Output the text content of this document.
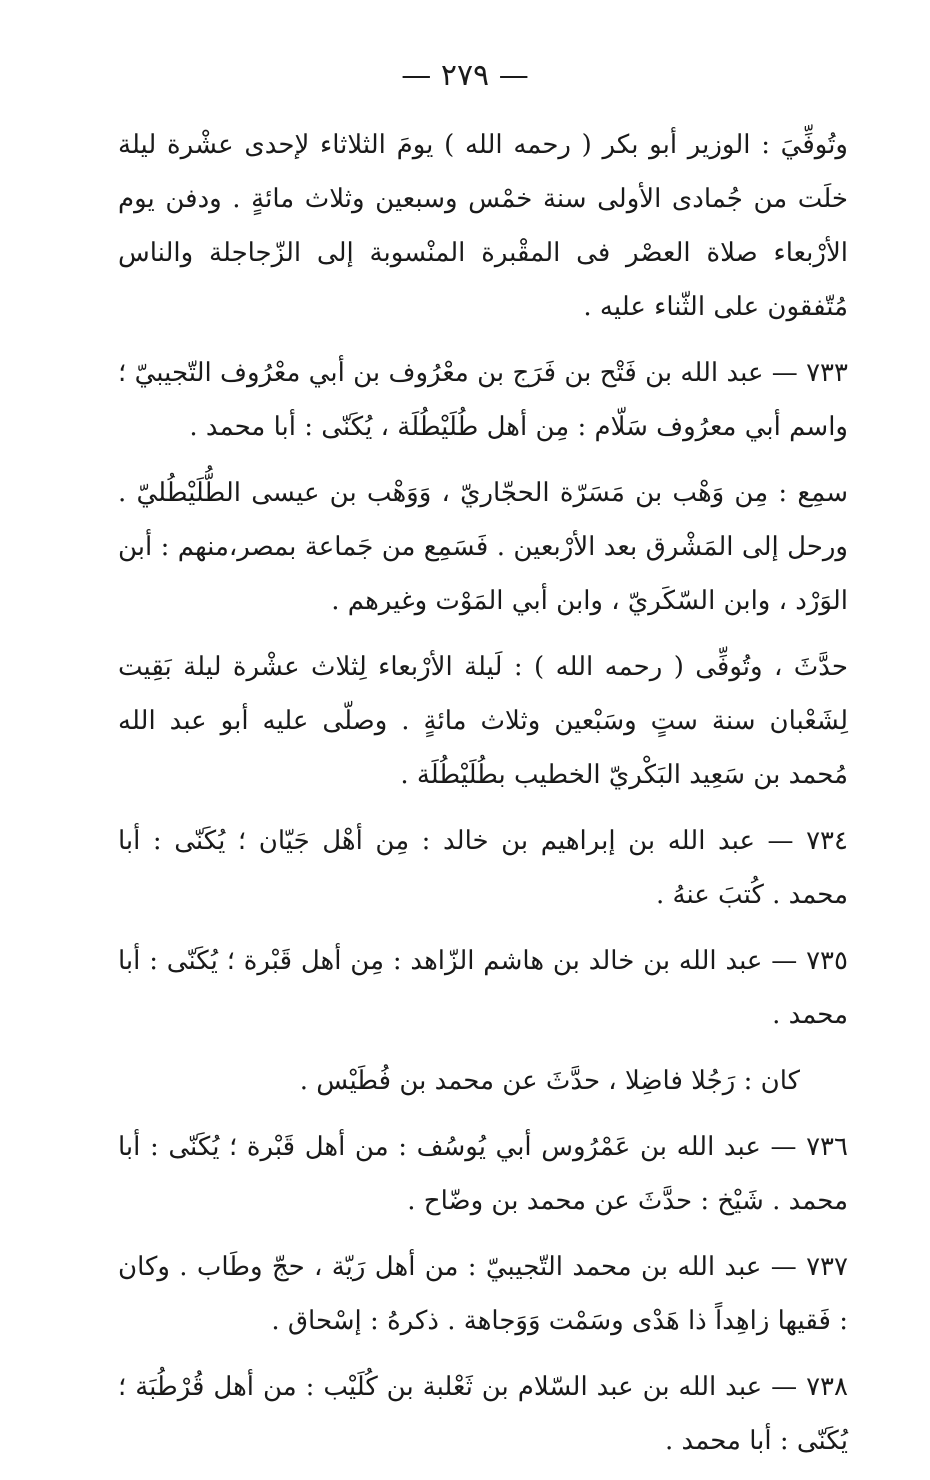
— ٢٧٩ —

وتُوفِّيَ : الوزير أبو بكر ( رحمه الله ) يومَ الثلاثاء لإحدى عشْرة ليلة خلَت من جُمادى الأولى سنة خمْس وسبعين وثلاث مائةٍ . ودفن يوم الأرْبعاء صلاة العصْر فى المقْبرة المنْسوبة إلى الزّجاجلة والناس مُتّفقون على الثّناء عليه .

٧٣٣ — عبد الله بن فَتْح بن فَرَج بن معْرُوف بن أبي معْرُوف التّجيبيّ ؛ واسم أبي معرُوف سَلّام : مِن أهل طُلَيْطُلَة ، يُكَنّى : أبا محمد .

سمِع : مِن وَهْب بن مَسَرّة الحجّاريّ ، وَوَهْب بن عيسى الطُّلَيْطُليّ . ورحل إلى المَشْرق بعد الأرْبعين . فَسَمِع من جَماعة بمصر،منهم : أبن الوَرْد ، وابن السّكَريّ ، وابن أبي المَوْت وغيرهم .

حدَّثَ ، وتُوفِّى ( رحمه الله ) : لَيلة الأرْبعاء لِثلاث عشْرة ليلة بَقِيت لِشَعْبان سنة ستٍ وسَبْعين وثلاث مائةٍ . وصلّى عليه أبو عبد الله مُحمد بن سَعِيد البَكْريّ الخطيب بطُلَيْطُلَة .

٧٣٤ — عبد الله بن إبراهيم بن خالد : مِن أهْل جَيّان ؛ يُكَنّى : أبا محمد . كُتبَ عنهُ .

٧٣٥ — عبد الله بن خالد بن هاشم الزّاهد : مِن أهل قَبْرة ؛ يُكَنّى : أبا محمد .

كان : رَجُلا فاضِلا ، حدَّثَ عن محمد بن فُطَيْس .

٧٣٦ — عبد الله بن عَمْرُوس أبي يُوسُف : من أهل قَبْرة ؛ يُكَنّى : أبا محمد . شَيْخ : حدَّثَ عن محمد بن وضّاح .

٧٣٧ — عبد الله بن محمد التّجيبيّ : من أهل رَيّة ، حجّ وطَاب . وكان : فَقيها زاهِداً ذا هَدْى وسَمْت وَوَجاهة . ذكرهُ : إسْحاق .

٧٣٨ — عبد الله بن عبد السّلام بن ثَعْلبة بن كُلَيْب : من أهل قُرْطُبَة ؛ يُكَنّى : أبا محمد .
